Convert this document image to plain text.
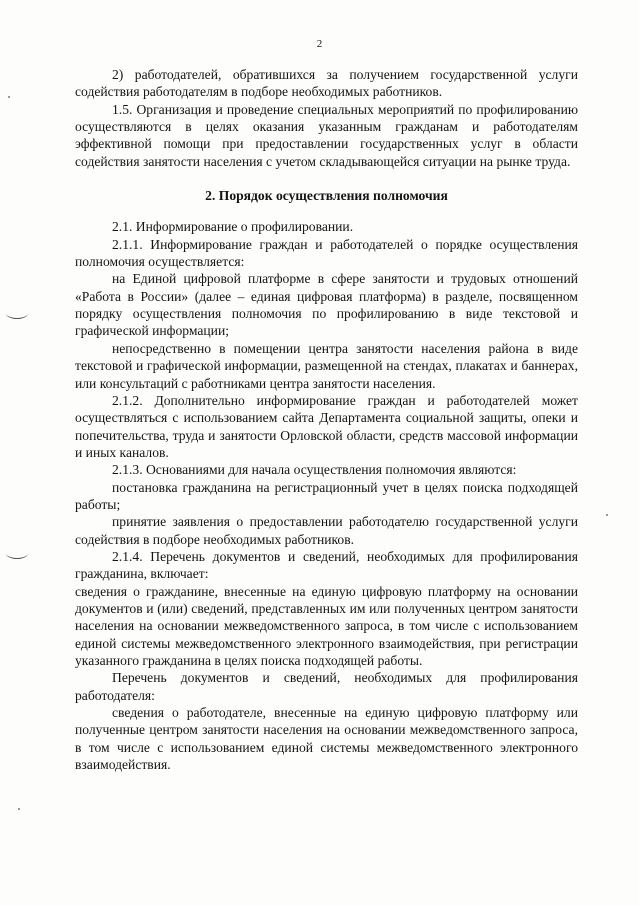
2

2) работодателей, обратившихся за получением государственной услуги содействия работодателям в подборе необходимых работников.

1.5. Организация и проведение специальных мероприятий по профилированию осуществляются в целях оказания указанным гражданам и работодателям эффективной помощи при предоставлении государственных услуг в области содействия занятости населения с учетом складывающейся ситуации на рынке труда.

2. Порядок осуществления полномочия

2.1. Информирование о профилировании.

2.1.1. Информирование граждан и работодателей о порядке осуществления полномочия осуществляется:

на Единой цифровой платформе в сфере занятости и трудовых отношений «Работа в России» (далее – единая цифровая платформа) в разделе, посвященном порядку осуществления полномочия по профилированию в виде текстовой и графической информации;

непосредственно в помещении центра занятости населения района в виде текстовой и графической информации, размещенной на стендах, плакатах и баннерах, или консультаций с работниками центра занятости населения.

2.1.2. Дополнительно информирование граждан и работодателей может осуществляться с использованием сайта Департамента социальной защиты, опеки и попечительства, труда и занятости Орловской области, средств массовой информации и иных каналов.

2.1.3. Основаниями для начала осуществления полномочия являются:

постановка гражданина на регистрационный учет в целях поиска подходящей работы;

принятие заявления о предоставлении работодателю государственной услуги содействия в подборе необходимых работников.

2.1.4. Перечень документов и сведений, необходимых для профилирования гражданина, включает:

сведения о гражданине, внесенные на единую цифровую платформу на основании документов и (или) сведений, представленных им или полученных центром занятости населения на основании межведомственного запроса, в том числе с использованием единой системы межведомственного электронного взаимодействия, при регистрации указанного гражданина в целях поиска подходящей работы.

Перечень документов и сведений, необходимых для профилирования работодателя:

сведения о работодателе, внесенные на единую цифровую платформу или полученные центром занятости населения на основании межведомственного запроса, в том числе с использованием единой системы межведомственного электронного взаимодействия.
